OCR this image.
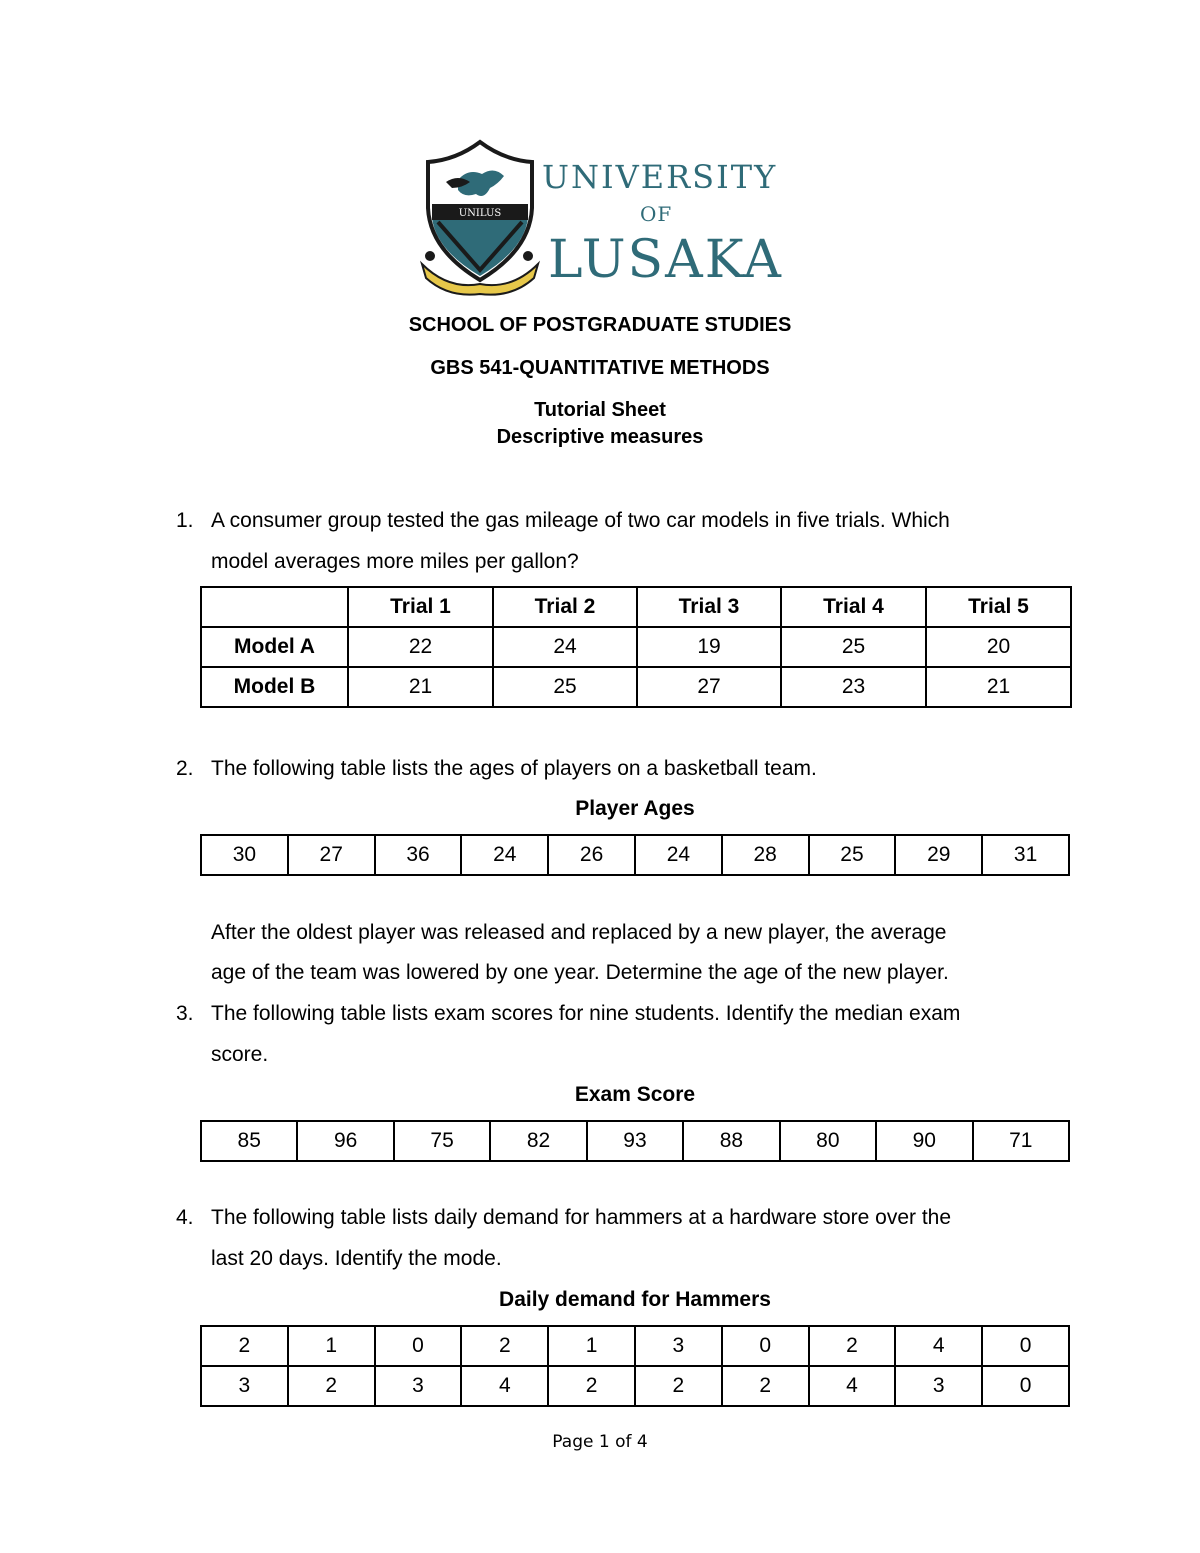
UNILUS
UNIVERSITY
OF
LUSAKA
SCHOOL OF POSTGRADUATE STUDIES
GBS 541-QUANTITATIVE METHODS
Tutorial Sheet
Descriptive measures
1. A consumer group tested the gas mileage of two car models in five trials. Which
model averages more miles per gallon?
	Trial 1	Trial 2	Trial 3	Trial 4	Trial 5
Model A	22	24	19	25	20
Model B	21	25	27	23	21
2. The following table lists the ages of players on a basketball team.
Player Ages
30	27	36	24	26	24	28	25	29	31
After the oldest player was released and replaced by a new player, the average
age of the team was lowered by one year. Determine the age of the new player.
3. The following table lists exam scores for nine students. Identify the median exam
score.
Exam Score
85	96	75	82	93	88	80	90	71
4. The following table lists daily demand for hammers at a hardware store over the
last 20 days. Identify the mode.
Daily demand for Hammers
2	1	0	2	1	3	0	2	4	0
3	2	3	4	2	2	2	4	3	0
Page 1 of 4
